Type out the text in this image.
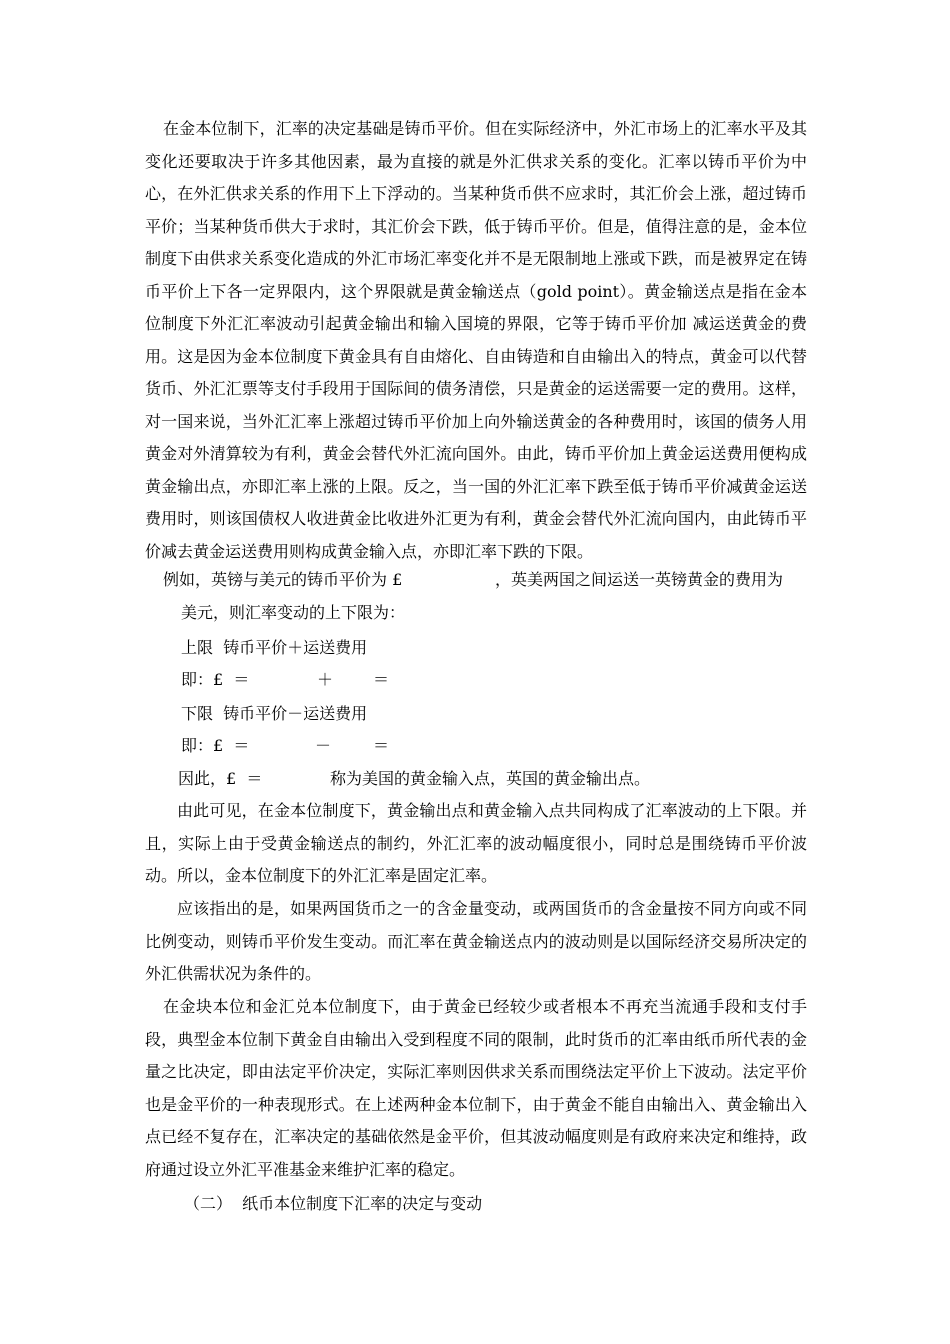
在金本位制下，汇率的决定基础是铸币平价。但在实际经济中，外汇市场上的汇率水平及其变化还要取决于许多其他因素，最为直接的就是外汇供求关系的变化。汇率以铸币平价为中心，在外汇供求关系的作用下上下浮动的。当某种货币供不应求时，其汇价会上涨，超过铸币平价；当某种货币供大于求时，其汇价会下跌，低于铸币平价。但是，值得注意的是，金本位制度下由供求关系变化造成的外汇市场汇率变化并不是无限制地上涨或下跌，而是被界定在铸币平价上下各一定界限内，这个界限就是黄金输送点（gold point）。黄金输送点是指在金本位制度下外汇汇率波动引起黄金输出和输入国境的界限，它等于铸币平价加 减运送黄金的费用。这是因为金本位制度下黄金具有自由熔化、自由铸造和自由输出入的特点，黄金可以代替货币、外汇汇票等支付手段用于国际间的债务清偿，只是黄金的运送需要一定的费用。这样，对一国来说，当外汇汇率上涨超过铸币平价加上向外输送黄金的各种费用时，该国的债务人用黄金对外清算较为有利，黄金会替代外汇流向国外。由此，铸币平价加上黄金运送费用便构成黄金输出点，亦即汇率上涨的上限。反之，当一国的外汇汇率下跌至低于铸币平价减黄金运送费用时，则该国债权人收进黄金比收进外汇更为有利，黄金会替代外汇流向国内，由此铸币平价减去黄金运送费用则构成黄金输入点，亦即汇率下跌的下限。

例如，英镑与美元的铸币平价为 £	，英美两国之间运送一英镑黄金的费用为
美元，则汇率变动的上下限为：
上限  铸币平价＋运送费用
即：£  ＝	＋ ＝
下限  铸币平价－运送费用
即：£  ＝	－	＝
因此，£  ＝	称为美国的黄金输入点，英国的黄金输出点。

由此可见，在金本位制度下，黄金输出点和黄金输入点共同构成了汇率波动的上下限。并且，实际上由于受黄金输送点的制约，外汇汇率的波动幅度很小，同时总是围绕铸币平价波动。所以，金本位制度下的外汇汇率是固定汇率。

应该指出的是，如果两国货币之一的含金量变动，或两国货币的含金量按不同方向或不同比例变动，则铸币平价发生变动。而汇率在黄金输送点内的波动则是以国际经济交易所决定的外汇供需状况为条件的。

在金块本位和金汇兑本位制度下，由于黄金已经较少或者根本不再充当流通手段和支付手段，典型金本位制下黄金自由输出入受到程度不同的限制，此时货币的汇率由纸币所代表的金量之比决定，即由法定平价决定，实际汇率则因供求关系而围绕法定平价上下波动。法定平价也是金平价的一种表现形式。在上述两种金本位制下，由于黄金不能自由输出入、黄金输出入点已经不复存在，汇率决定的基础依然是金平价，但其波动幅度则是有政府来决定和维持，政府通过设立外汇平准基金来维护汇率的稳定。

（二）  纸币本位制度下汇率的决定与变动
